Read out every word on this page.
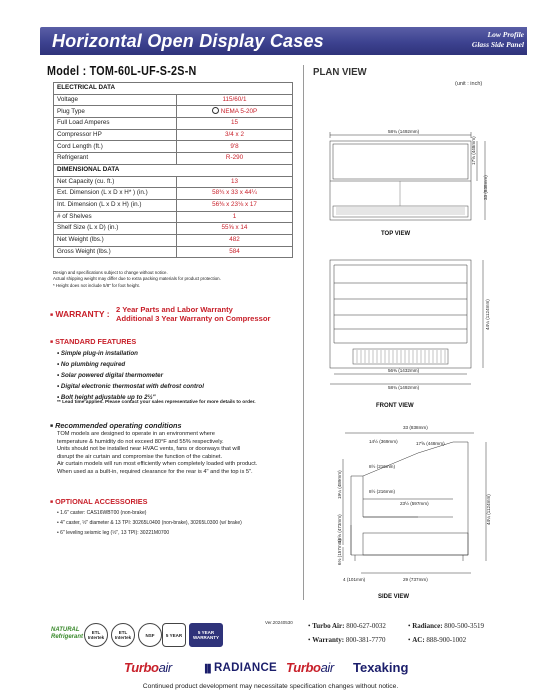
Horizontal Open Display Cases	Low Profile
Glass Side Panel
Model : TOM-60L-UF-S-2S-N
ELECTRICAL DATA	
Voltage	115/60/1
Plug Type	NEMA 5-20P
Full Load Amperes	15
Compressor HP	3/4 x 2
Cord Length (ft.)	9'8
Refrigerant	R-290
DIMENSIONAL DATA	
Net Capacity (cu. ft.)	13
Ext. Dimension (L x D x H* ) (in.)	58¾ x 33 x 44¼
Int. Dimension (L x D x H) (in.)	56⅜ x 23⅛ x 17
# of Shelves	1
Shelf Size (L x D) (in.)	55⅝ x 14
Net Weight (lbs.)	482
Gross Weight (lbs.)	584
Design and specifications subject to change without notice.
Actual shipping weight may differ due to extra packing materials for product protection.
* Height does not include 5/8" for foot height.
■ WARRANTY : 2 Year Parts and Labor Warranty
Additional 3 Year Warranty on Compressor
■ STANDARD FEATURES
• Simple plug-in installation
• No plumbing required
• Solar powered digital thermometer
• Digital electronic thermostat with defrost control
• Bolt height adjustable up to 2½"
** Lead time applies. Please contact your sales representative for more details to order.
■ Recommended operating conditions
TOM models are designed to operate in an environment where
temperature & humidity do not exceed 80°F and 55% respectively.
Units should not be installed near HVAC vents, fans or doorways that will
disrupt the air curtain and compromise the function of the cabinet.
Air curtain models will run most efficiently when completely loaded with product.
When used as a built-in, required clearance for the rear is 4" and the top is 5".
■ OPTIONAL ACCESSORIES
• 1.6" caster: CAS16WBT00 (non-brake)
• 4" caster, ½" diameter & 13 TPI: 30265L0400 (non-brake), 30265L0300 (w/ brake)
• 6" leveling seismic leg (½", 13 TPI): 30221M0700
Ver.20240530
PLAN VIEW
(unit : inch)
58¾ (1492mm)
17⅝ (448mm)
33 (838mm)
TOP VIEW
44¼ (1124mm)
56⅜ (1432mm)
58¾ (1492mm)
FRONT VIEW
33 (838mm)
14½ (369mm)	17⅝ (448mm)
8½ (216mm)
8½ (216mm)
23½ (597mm)
19¼ (489mm)
18⅝ (473mm)
6⅛ (157mm)
4 (101mm)	29 (737mm)
44¼ (1124mm)
SIDE VIEW
NATURAL Refrigerant
ETL Intertek
ETL Intertek	NSF	5 YEAR	5 YEAR WARRANTY
• Turbo Air: 800-627-0032	• Radiance: 800-500-3519
• Warranty: 800-381-7770	• AC: 888-900-1002
Turboair	▐▌RADIANCE Turboair Texaking
Continued product development may necessitate specification changes without notice.
